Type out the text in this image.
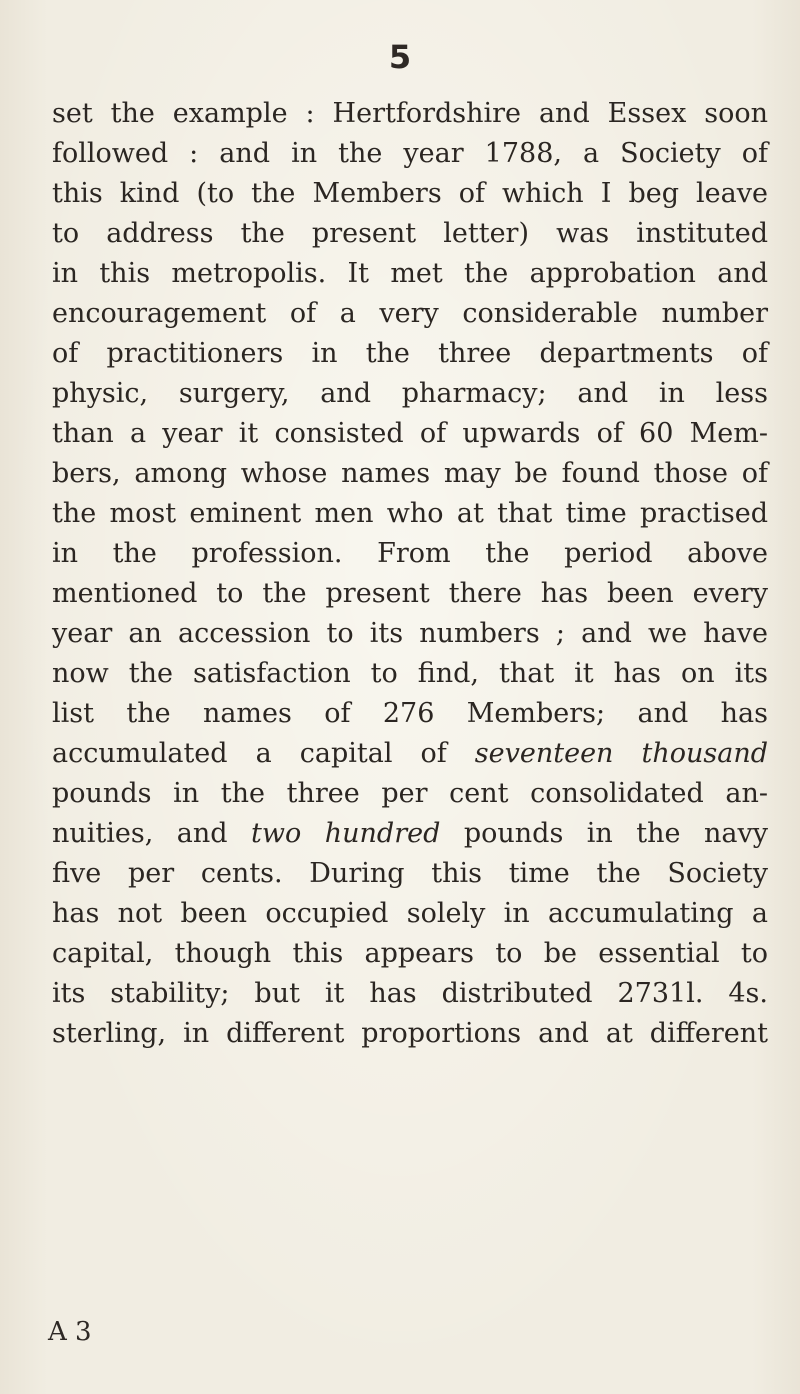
5
set the example : Hertfordshire and Essex soon
followed : and in the year 1788, a Society of
this kind (to the Members of which I beg leave
to address the present letter) was instituted
in this metropolis. It met the approbation and
encouragement of a very considerable number
of practitioners in the three departments of
physic, surgery, and pharmacy; and in less
than a year it consisted of upwards of 60 Mem-
bers, among whose names may be found those of
the most eminent men who at that time practised
in the profession. From the period above
mentioned to the present there has been every
year an accession to its numbers ; and we have
now the satisfaction to find, that it has on its
list the names of 276 Members; and has
accumulated a capital of seventeen thousand
pounds in the three per cent consolidated an-
nuities, and two hundred pounds in the navy
five per cents. During this time the Society
has not been occupied solely in accumulating a
capital, though this appears to be essential to
its stability; but it has distributed 2731l. 4s.
sterling, in different proportions and at different
A 3
